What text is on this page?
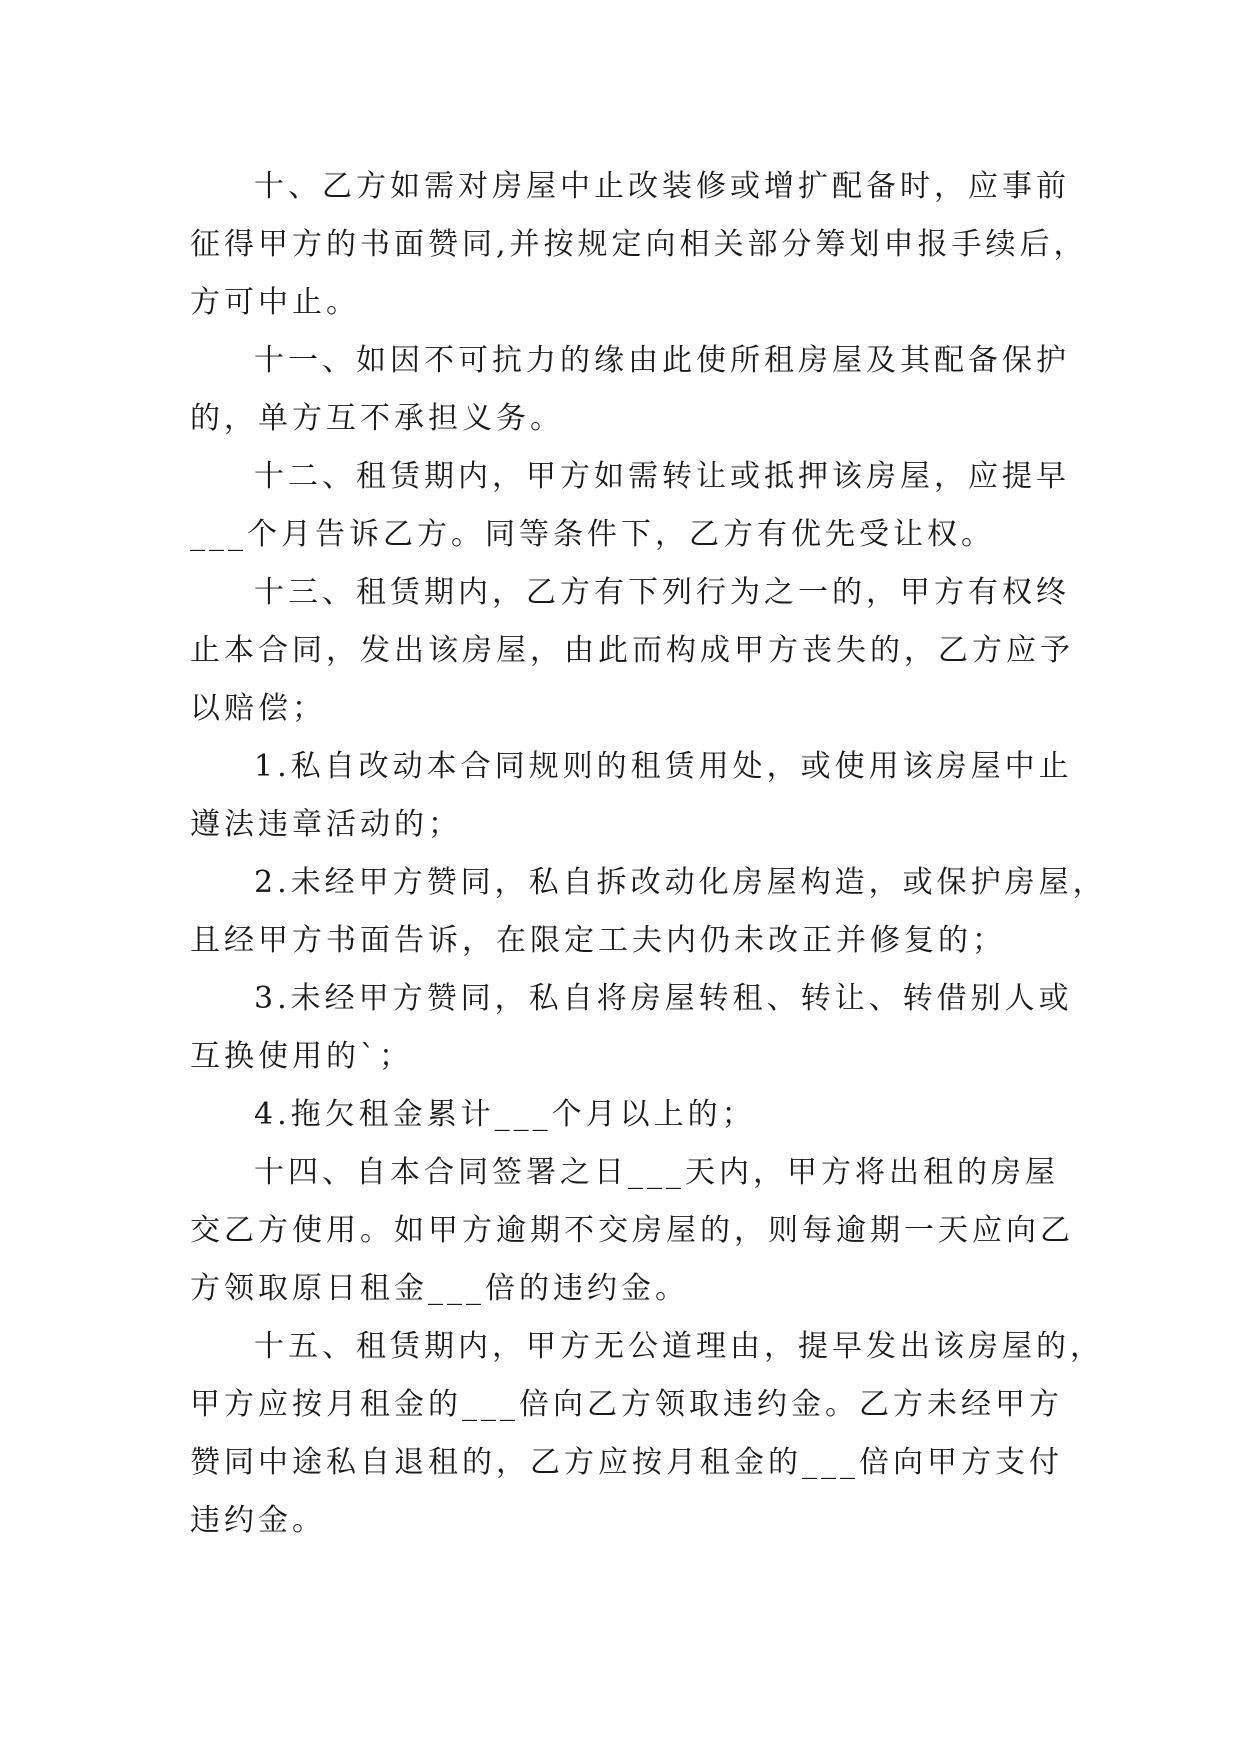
十、乙方如需对房屋中止改装修或增扩配备时，应事前
征得甲方的书面赞同,并按规定向相关部分筹划申报手续后，
方可中止。
十一、如因不可抗力的缘由此使所租房屋及其配备保护
的，单方互不承担义务。
十二、租赁期内，甲方如需转让或抵押该房屋，应提早
___个月告诉乙方。同等条件下，乙方有优先受让权。
十三、租赁期内，乙方有下列行为之一的，甲方有权终
止本合同，发出该房屋，由此而构成甲方丧失的，乙方应予
以赔偿；
1.私自改动本合同规则的租赁用处，或使用该房屋中止
遵法违章活动的；
2.未经甲方赞同，私自拆改动化房屋构造，或保护房屋，
且经甲方书面告诉，在限定工夫内仍未改正并修复的；
3.未经甲方赞同，私自将房屋转租、转让、转借别人或
互换使用的`；
4.拖欠租金累计___个月以上的；
十四、自本合同签署之日___天内，甲方将出租的房屋
交乙方使用。如甲方逾期不交房屋的，则每逾期一天应向乙
方领取原日租金___倍的违约金。
十五、租赁期内，甲方无公道理由，提早发出该房屋的，
甲方应按月租金的___倍向乙方领取违约金。乙方未经甲方
赞同中途私自退租的，乙方应按月租金的___倍向甲方支付
违约金。
